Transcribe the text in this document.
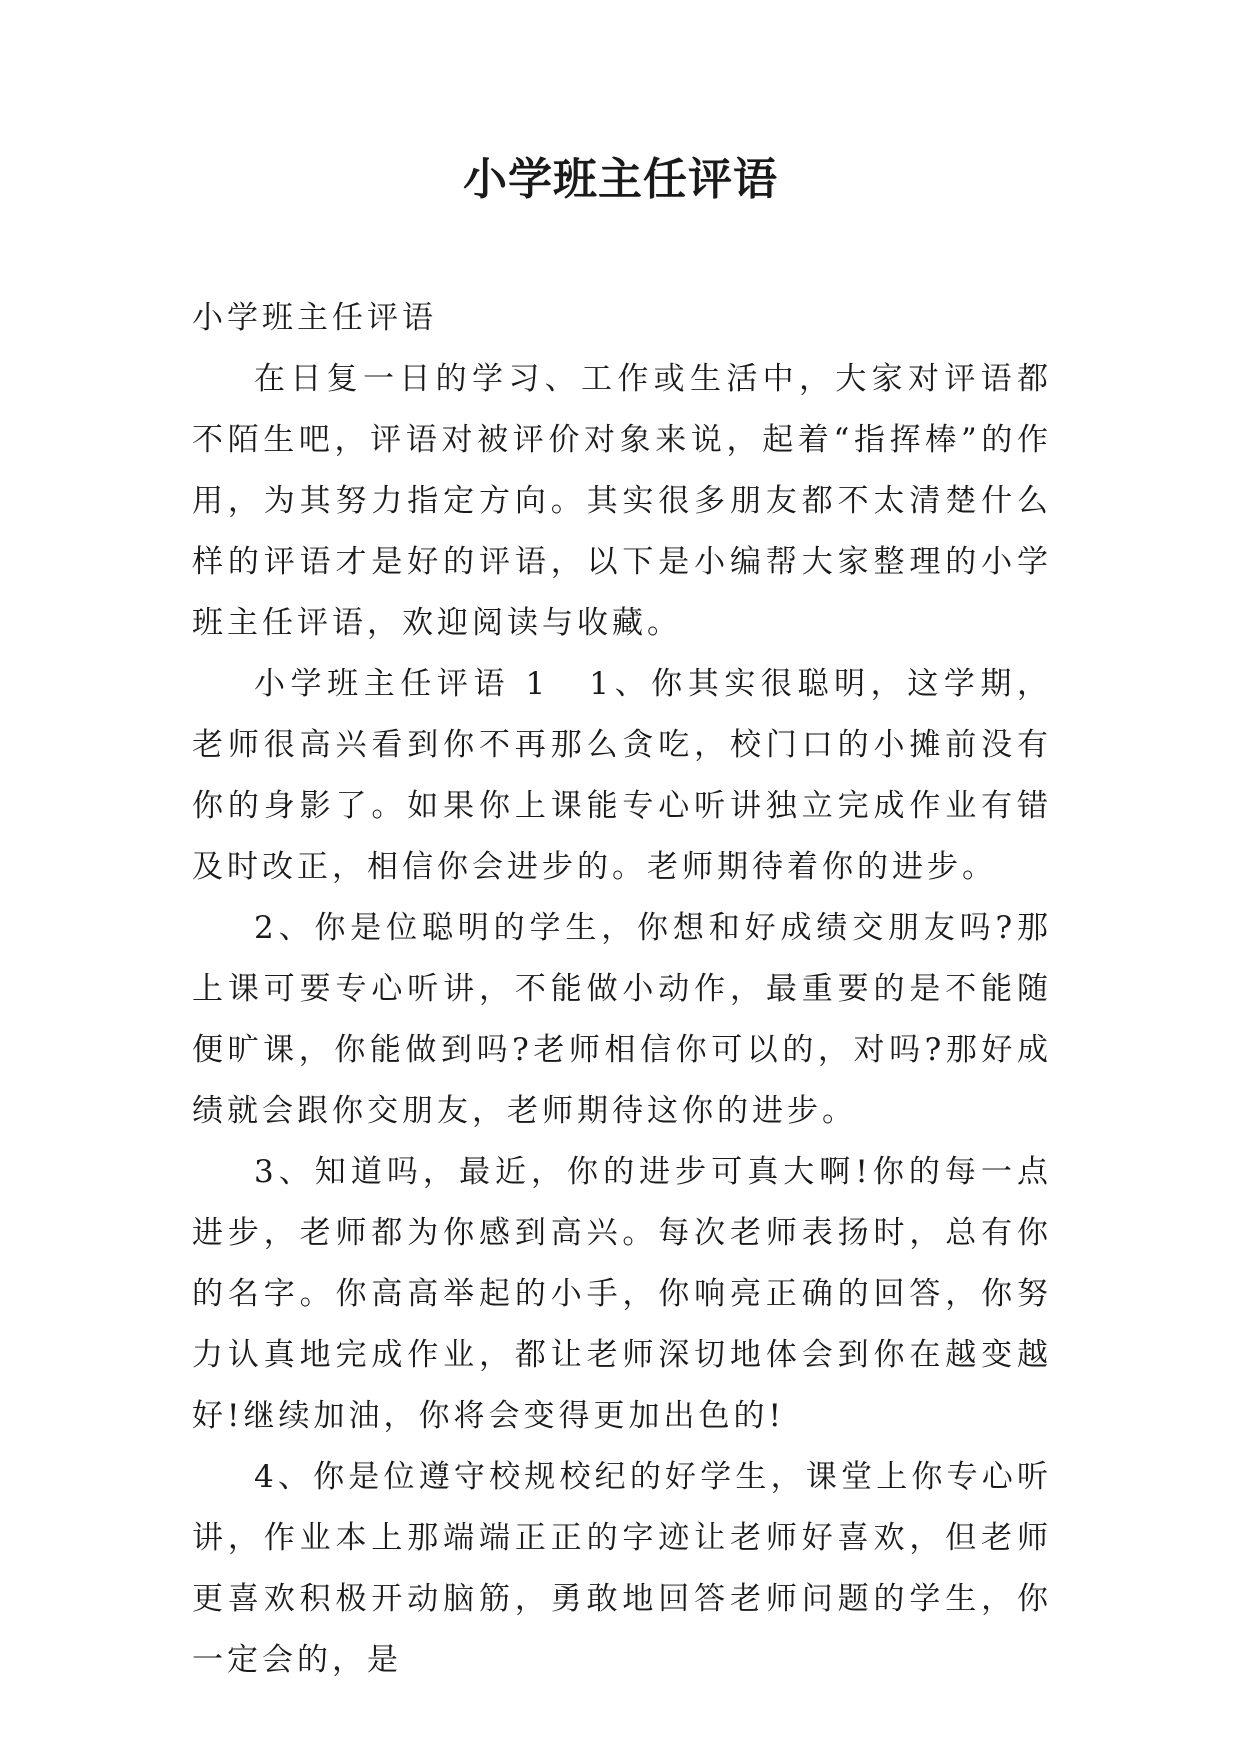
小学班主任评语

小学班主任评语

在日复一日的学习、工作或生活中，大家对评语都不陌生吧，评语对被评价对象来说，起着“指挥棒”的作用，为其努力指定方向。其实很多朋友都不太清楚什么样的评语才是好的评语，以下是小编帮大家整理的小学班主任评语，欢迎阅读与收藏。

小学班主任评语 1 1、你其实很聪明，这学期，老师很高兴看到你不再那么贪吃，校门口的小摊前没有你的身影了。如果你上课能专心听讲独立完成作业有错及时改正，相信你会进步的。老师期待着你的进步。

2、你是位聪明的学生，你想和好成绩交朋友吗?那上课可要专心听讲，不能做小动作，最重要的是不能随便旷课，你能做到吗?老师相信你可以的，对吗?那好成绩就会跟你交朋友，老师期待这你的进步。

3、知道吗，最近，你的进步可真大啊!你的每一点进步，老师都为你感到高兴。每次老师表扬时，总有你的名字。你高高举起的小手，你响亮正确的回答，你努力认真地完成作业，都让老师深切地体会到你在越变越好!继续加油，你将会变得更加出色的!

4、你是位遵守校规校纪的好学生，课堂上你专心听讲，作业本上那端端正正的字迹让老师好喜欢，但老师更喜欢积极开动脑筋，勇敢地回答老师问题的学生，你一定会的，是
